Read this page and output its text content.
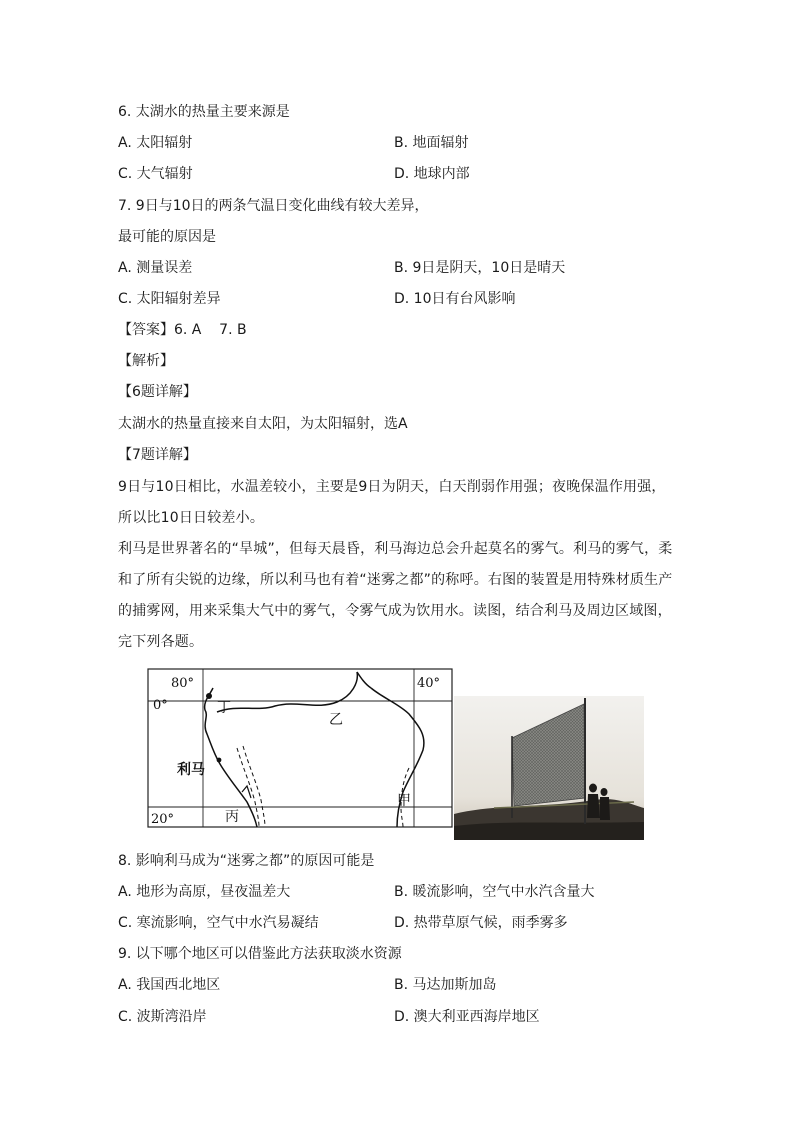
6. 太湖水的热量主要来源是
A. 太阳辐射	B. 地面辐射
C. 大气辐射	D. 地球内部
7. 9日与10日的两条气温日变化曲线有较大差异，
最可能的原因是
A. 测量误差	B. 9日是阴天，10日是晴天
C. 太阳辐射差异	D. 10日有台风影响
【答案】6. A    7. B
【解析】
【6题详解】
太湖水的热量直接来自太阳，为太阳辐射，选A
【7题详解】
9日与10日相比，水温差较小，主要是9日为阴天，白天削弱作用强；夜晚保温作用强，所以比10日日较差小。
利马是世界著名的“旱城”，但每天晨昏，利马海边总会升起莫名的雾气。利马的雾气，柔和了所有尖锐的边缘，所以利马也有着“迷雾之都”的称呼。右图的装置是用特殊材质生产的捕雾网，用来采集大气中的雾气，令雾气成为饮用水。读图，结合利马及周边区域图，完下列各题。
80°	40°
0°
20°
丁
乙
利马
丙
甲
8. 影响利马成为“迷雾之都”的原因可能是
A. 地形为高原，昼夜温差大	B. 暖流影响，空气中水汽含量大
C. 寒流影响，空气中水汽易凝结	D. 热带草原气候，雨季雾多
9. 以下哪个地区可以借鉴此方法获取淡水资源
A. 我国西北地区	B. 马达加斯加岛
C. 波斯湾沿岸	D. 澳大利亚西海岸地区
